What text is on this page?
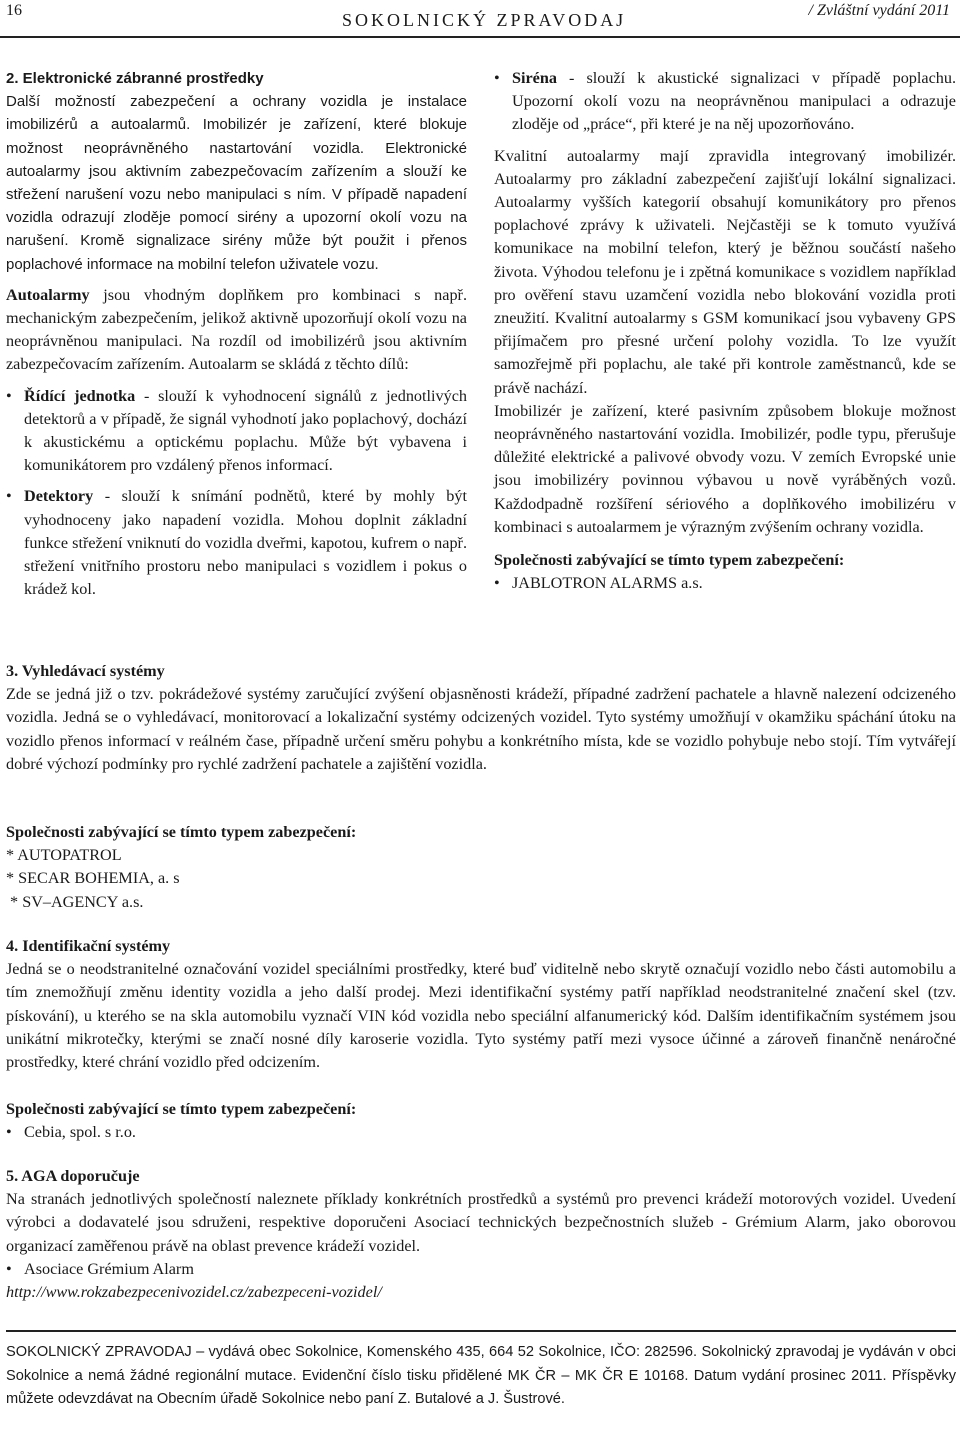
16	SOKOLNICKÝ ZPRAVODAJ	/ Zvláštní vydání 2011

2. Elektronické zábranné prostředky

Další možností zabezpečení a ochrany vozidla je instalace imobilizérů a autoalarmů. Imobilizér je zařízení, které blokuje možnost neoprávněného nastartování vozidla. Elektronické autoalarmy jsou aktivním zabezpečovacím zařízením a slouží ke střežení narušení vozu nebo manipulaci s ním. V případě napadení vozidla odrazují zloděje pomocí sirény a upozorní okolí vozu na narušení. Kromě signalizace sirény může být použit i přenos poplachové informace na mobilní telefon uživatele vozu.

Autoalarmy jsou vhodným doplňkem pro kombinaci s např. mechanickým zabezpečením, jelikož aktivně upozorňují okolí vozu na neoprávněnou manipulaci. Na rozdíl od imobilizérů jsou aktivním zabezpečovacím zařízením. Autoalarm se skládá z těchto dílů:

• Řídící jednotka - slouží k vyhodnocení signálů z jednotlivých detektorů a v případě, že signál vyhodnotí jako poplachový, dochází k akustickému a optickému poplachu. Může být vybavena i komunikátorem pro vzdálený přenos informací.
• Detektory - slouží k snímání podnětů, které by mohly být vyhodnoceny jako napadení vozidla. Mohou doplnit základní funkce střežení vniknutí do vozidla dveřmi, kapotou, kufrem o např. střežení vnitřního prostoru nebo manipulaci s vozidlem i pokus o krádež kol.
• Siréna - slouží k akustické signalizaci v případě poplachu. Upozorní okolí vozu na neoprávněnou manipulaci a odrazuje zloděje od „práce“, při které je na něj upozorňováno.

Kvalitní autoalarmy mají zpravidla integrovaný imobilizér. Autoalarmy pro základní zabezpečení zajišťují lokální signalizaci. Autoalarmy vyšších kategorií obsahují komunikátory pro přenos poplachové zprávy k uživateli. Nejčastěji se k tomuto využívá komunikace na mobilní telefon, který je běžnou součástí našeho života. Výhodou telefonu je i zpětná komunikace s vozidlem například pro ověření stavu uzamčení vozidla nebo blokování vozidla proti zneužití. Kvalitní autoalarmy s GSM komunikací jsou vybaveny GPS přijímačem pro přesné určení polohy vozidla. To lze využít samozřejmě při poplachu, ale také při kontrole zaměstnanců, kde se právě nachází.

Imobilizér je zařízení, které pasivním způsobem blokuje možnost neoprávněného nastartování vozidla. Imobilizér, podle typu, přerušuje důležité elektrické a palivové obvody vozu. V zemích Evropské unie jsou imobilizéry povinnou výbavou u nově vyráběných vozů. Každodpadně rozšíření sériového a doplňkového imobilizéru v kombinaci s autoalarmem je výrazným zvýšením ochrany vozidla.

Společnosti zabývající se tímto typem zabezpečení:

• JABLOTRON ALARMS a.s.

3. Vyhledávací systémy

Zde se jedná již o tzv. pokrádežové systémy zaručující zvýšení objasněnosti krádeží, případné zadržení pachatele a hlavně nalezení odcizeného vozidla. Jedná se o vyhledávací, monitorovací a lokalizační systémy odcizených vozidel. Tyto systémy umožňují v okamžiku spáchání útoku na vozidlo přenos informací v reálném čase, případně určení směru pohybu a konkrétního místa, kde se vozidlo pohybuje nebo stojí. Tím vytvářejí dobré výchozí podmínky pro rychlé zadržení pachatele a zajištění vozidla.

Společnosti zabývající se tímto typem zabezpečení:

* AUTOPATROL
* SECAR BOHEMIA, a. s
* SV–AGENCY a.s.

4. Identifikační systémy

Jedná se o neodstranitelné označování vozidel speciálními prostředky, které buď viditelně nebo skrytě označují vozidlo nebo části automobilu a tím znemožňují změnu identity vozidla a jeho další prodej. Mezi identifikační systémy patří například neodstranitelné značení skel (tzv. pískování), u kterého se na skla automobilu vyznačí VIN kód vozidla nebo speciální alfanumerický kód. Dalším identifikačním systémem jsou unikátní mikrotečky, kterými se značí nosné díly karoserie vozidla. Tyto systémy patří mezi vysoce účinné a zároveň finančně nenáročné prostředky, které chrání vozidlo před odcizením.

Společnosti zabývající se tímto typem zabezpečení:

• Cebia, spol. s r.o.

5. AGA doporučuje

Na stranách jednotlivých společností naleznete příklady konkrétních prostředků a systémů pro prevenci krádeží motorových vozidel. Uvedení výrobci a dodavatelé jsou sdruženi, respektive doporučeni Asociací technických bezpečnostních služeb - Grémium Alarm, jako oborovou organizací zaměřenou právě na oblast prevence krádeží vozidel.

• Asociace Grémium Alarm
http://www.rokzabezpecenivozidel.cz/zabezpeceni-vozidel/
SOKOLNICKÝ ZPRAVODAJ – vydává obec Sokolnice, Komenského 435, 664 52 Sokolnice, IČO: 282596. Sokolnický zpravodaj je vydáván v obci Sokolnice a nemá žádné regionální mutace. Evidenční číslo tisku přidělené MK ČR – MK ČR E 10168. Datum vydání prosinec 2011. Příspěvky můžete odevzdávat na Obecním úřadě Sokolnice nebo paní Z. Butalové a J. Šustrové.
